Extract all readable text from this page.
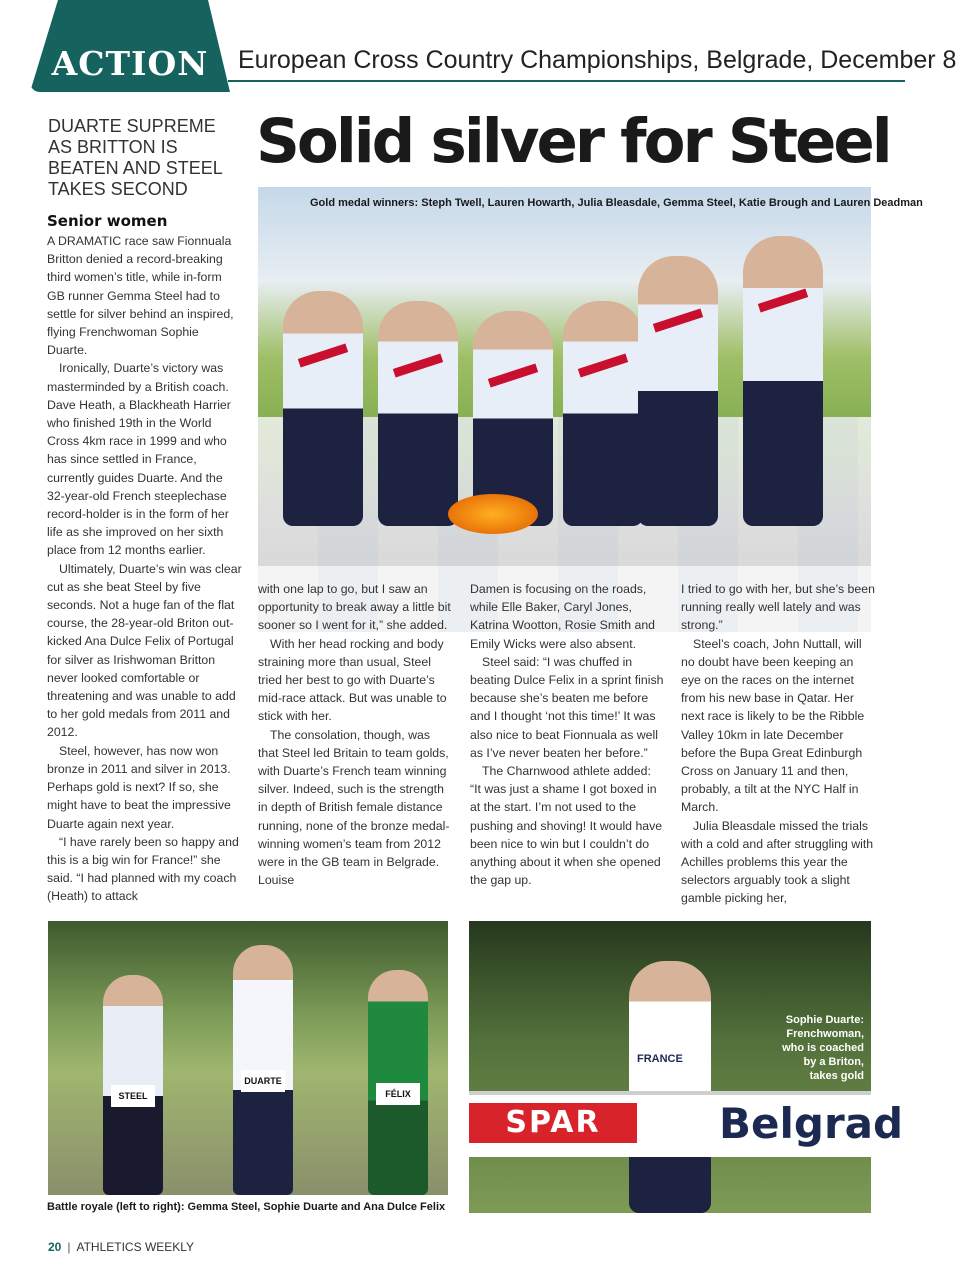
ACTION	European Cross Country Championships, Belgrade, December 8
DUARTE SUPREME AS BRITTON IS BEATEN AND STEEL TAKES SECOND
Solid silver for Steel
Gold medal winners: Steph Twell, Lauren Howarth, Julia Bleasdale, Gemma Steel, Katie Brough and Lauren Deadman
Senior women

A DRAMATIC race saw Fionnuala Britton denied a record-breaking third women’s title, while in-form GB runner Gemma Steel had to settle for silver behind an inspired, flying Frenchwoman Sophie Duarte.

Ironically, Duarte’s victory was masterminded by a British coach. Dave Heath, a Blackheath Harrier who finished 19th in the World Cross 4km race in 1999 and who has since settled in France, currently guides Duarte. And the 32-year-old French steeplechase record-holder is in the form of her life as she improved on her sixth place from 12 months earlier.

Ultimately, Duarte’s win was clear cut as she beat Steel by five seconds. Not a huge fan of the flat course, the 28-year-old Briton out-kicked Ana Dulce Felix of Portugal for silver as Irishwoman Britton never looked comfortable or threatening and was unable to add to her gold medals from 2011 and 2012.

Steel, however, has now won bronze in 2011 and silver in 2013. Perhaps gold is next? If so, she might have to beat the impressive Duarte again next year.

“I have rarely been so happy and this is a big win for France!” she said. “I had planned with my coach (Heath) to attack

with one lap to go, but I saw an opportunity to break away a little bit sooner so I went for it,” she added.

With her head rocking and body straining more than usual, Steel tried her best to go with Duarte’s mid-race attack. But was unable to stick with her.

The consolation, though, was that Steel led Britain to team golds, with Duarte’s French team winning silver. Indeed, such is the strength in depth of British female distance running, none of the bronze medal-winning women’s team from 2012 were in the GB team in Belgrade. Louise

Damen is focusing on the roads, while Elle Baker, Caryl Jones, Katrina Wootton, Rosie Smith and Emily Wicks were also absent.

Steel said: “I was chuffed in beating Dulce Felix in a sprint finish because she’s beaten me before and I thought ‘not this time!’ It was also nice to beat Fionnuala as well as I’ve never beaten her before.”

The Charnwood athlete added: “It was just a shame I got boxed in at the start. I’m not used to the pushing and shoving! It would have been nice to win but I couldn’t do anything about it when she opened the gap up.

I tried to go with her, but she’s been running really well lately and was strong.”

Steel’s coach, John Nuttall, will no doubt have been keeping an eye on the races on the internet from his new base in Qatar. Her next race is likely to be the Ribble Valley 10km in late December before the Bupa Great Edinburgh Cross on January 11 and then, probably, a tilt at the NYC Half in March.

Julia Bleasdale missed the trials with a cold and after struggling with Achilles problems this year the selectors arguably took a slight gamble picking her,

STEEL
DUARTE
FÉLIX
Battle royale (left to right): Gemma Steel, Sophie Duarte and Ana Dulce Felix
FRANCE
SPAR	Belgrad
Sophie Duarte: Frenchwoman, who is coached by a Briton, takes gold
20 | ATHLETICS WEEKLY
